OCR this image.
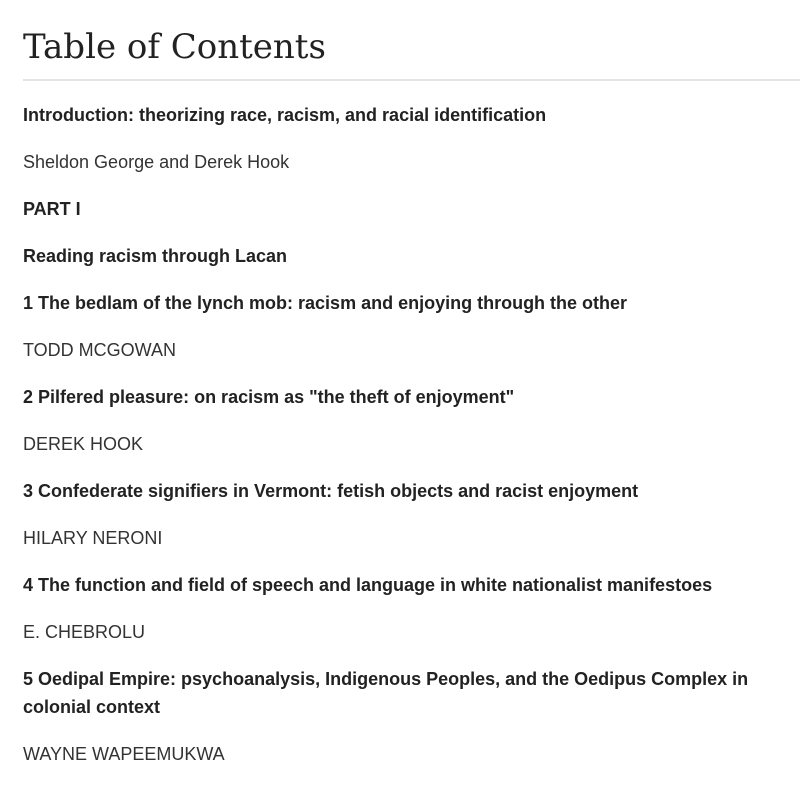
Table of Contents
Introduction: theorizing race, racism, and racial identification
Sheldon George and Derek Hook
PART I
Reading racism through Lacan
1 The bedlam of the lynch mob: racism and enjoying through the other
TODD MCGOWAN
2 Pilfered pleasure: on racism as "the theft of enjoyment"
DEREK HOOK
3 Confederate signifiers in Vermont: fetish objects and racist enjoyment
HILARY NERONI
4 The function and field of speech and language in white nationalist manifestoes
E. CHEBROLU
5 Oedipal Empire: psychoanalysis, Indigenous Peoples, and the Oedipus Complex in colonial context
WAYNE WAPEEMUKWA
